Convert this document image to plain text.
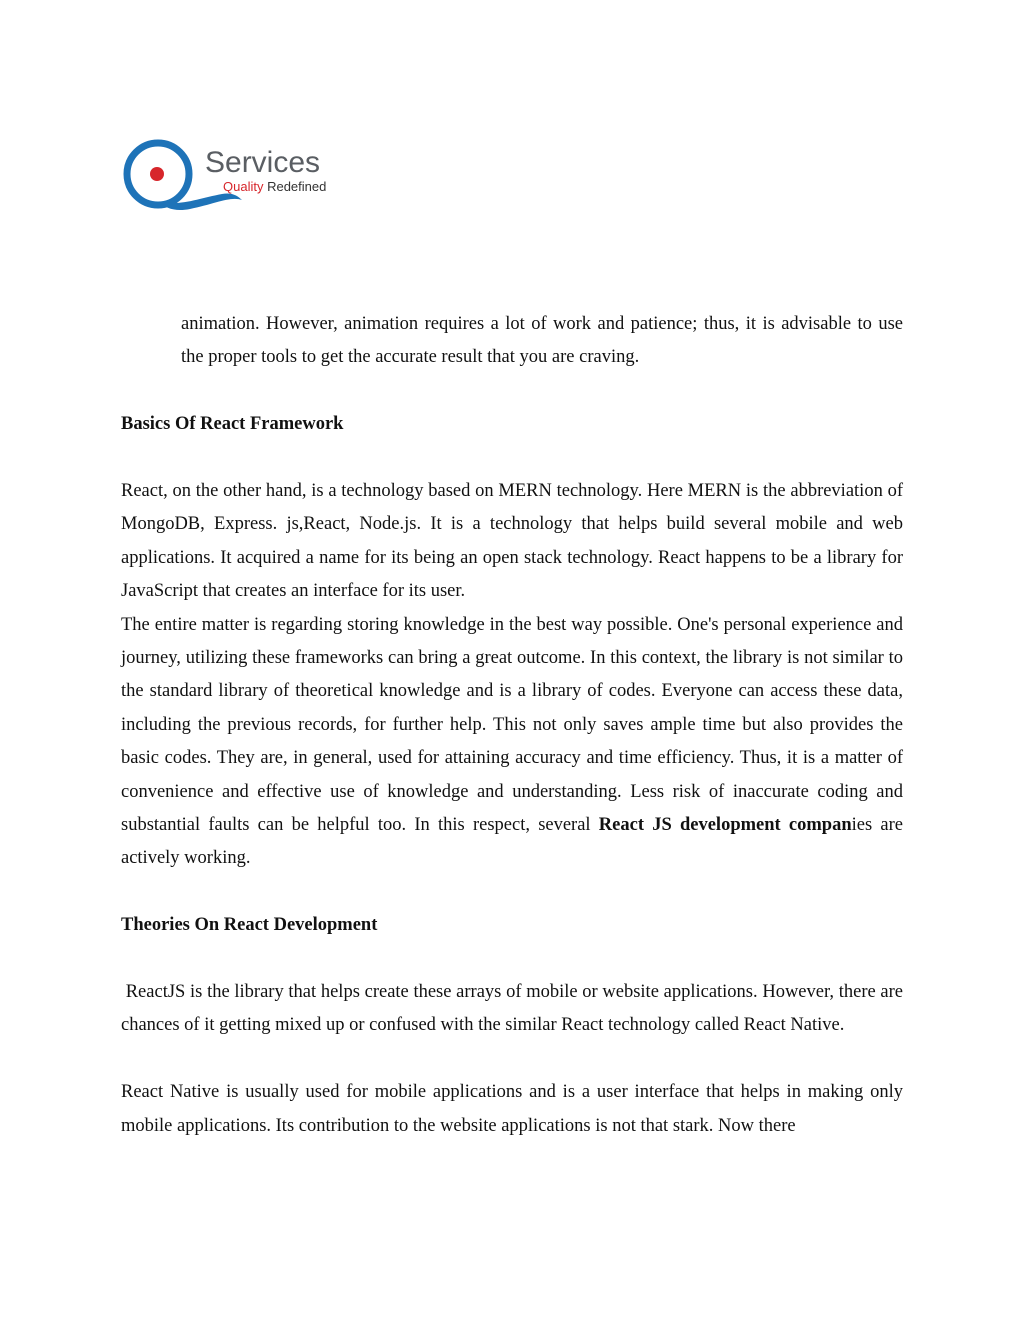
Services
Quality Redefined

animation. However, animation requires a lot of work and patience; thus, it is advisable to use the proper tools to get the accurate result that you are craving.

Basics Of React Framework

React, on the other hand, is a technology based on MERN technology. Here MERN is the abbreviation of MongoDB, Express. js,React, Node.js. It is a technology that helps build several mobile and web applications. It acquired a name for its being an open stack technology. React happens to be a library for JavaScript that creates an interface for its user.

The entire matter is regarding storing knowledge in the best way possible. One's personal experience and journey, utilizing these frameworks can bring a great outcome. In this context, the library is not similar to the standard library of theoretical knowledge and is a library of codes. Everyone can access these data, including the previous records, for further help. This not only saves ample time but also provides the basic codes. They are, in general, used for attaining accuracy and time efficiency. Thus, it is a matter of convenience and effective use of knowledge and understanding. Less risk of inaccurate coding and substantial faults can be helpful too. In this respect, several React JS development companies are actively working.

Theories On React Development

ReactJS is the library that helps create these arrays of mobile or website applications. However, there are chances of it getting mixed up or confused with the similar React technology called React Native.

React Native is usually used for mobile applications and is a user interface that helps in making only mobile applications. Its contribution to the website applications is not that stark. Now there
